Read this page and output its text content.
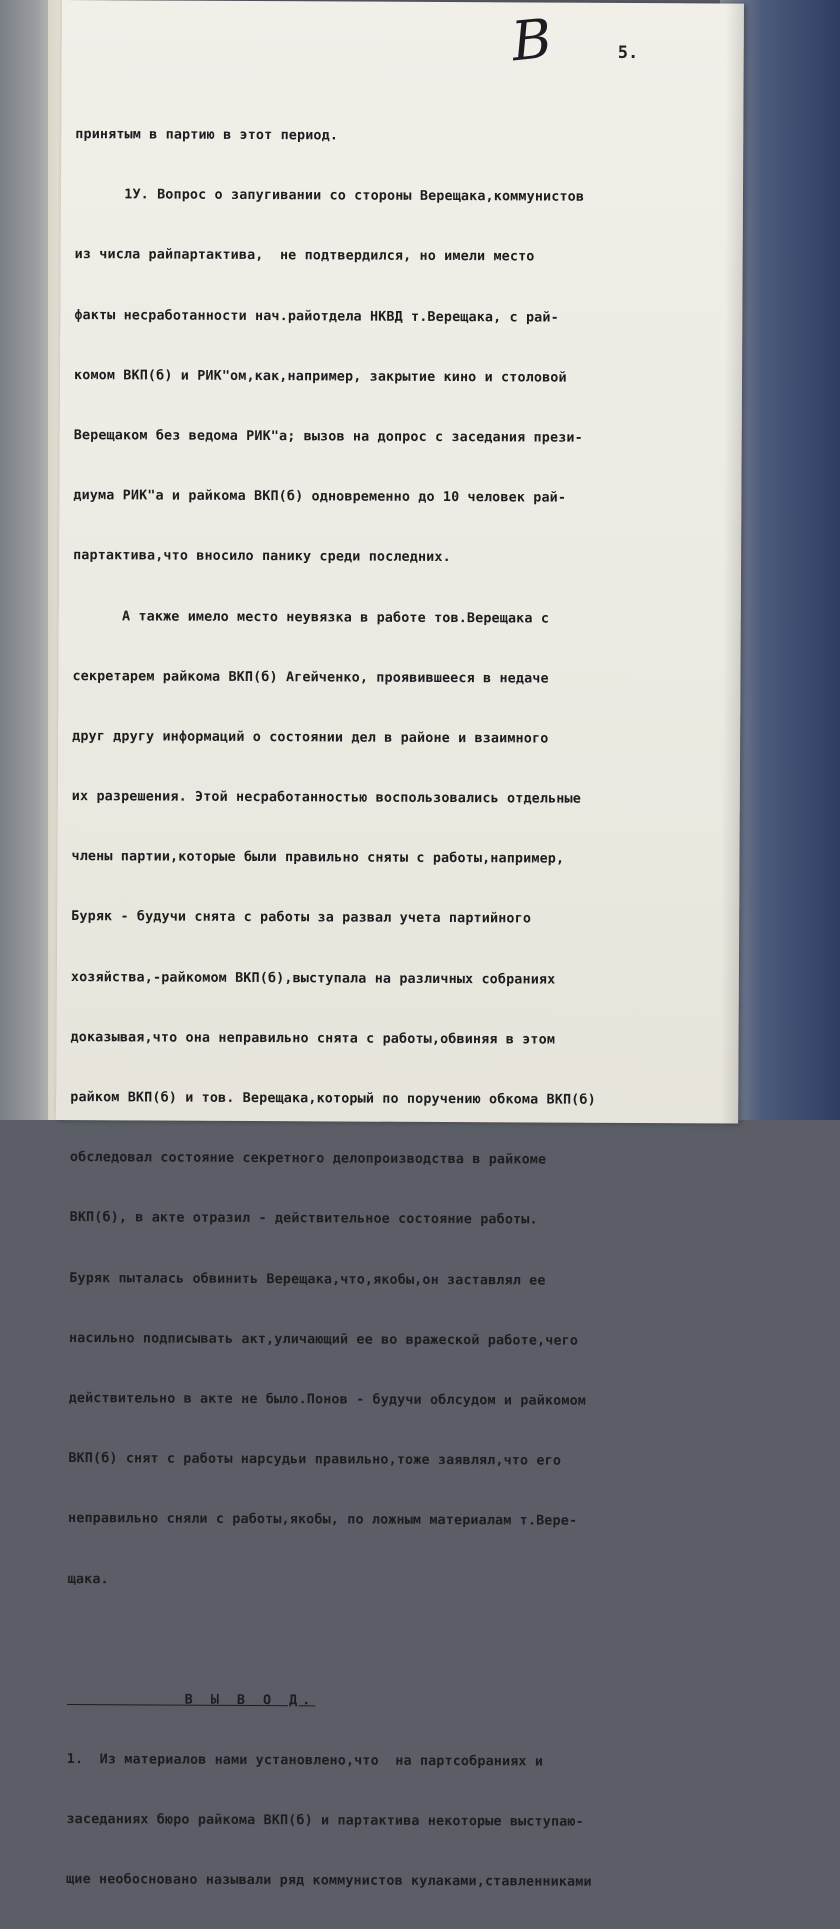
В	5.

принятым в партию в этот период.

1У. Вопрос о запугивании со стороны Верещака,коммунистов

из числа райпартактива,  не подтвердился, но имели место

факты несработанности нач.райотдела НКВД т.Верещака, с рай-

комом ВКП(б) и РИК"ом,как,например, закрытие кино и столовой

Верещаком без ведома РИК"а; вызов на допрос с заседания прези-

диума РИК"а и райкома ВКП(б) одновременно до 10 человек рай-

партактива,что вносило панику среди последних.

А также имело место неувязка в работе тов.Верещака с

секретарем райкома ВКП(б) Агейченко, проявившееся в недаче

друг другу информаций о состоянии дел в районе и взаимного

их разрешения. Этой несработанностью воспользовались отдельные

члены партии,которые были правильно сняты с работы,например,

Буряк - будучи снята с работы за развал учета партийного

хозяйства,-райкомом ВКП(б),выступала на различных собраниях

доказывая,что она неправильно снята с работы,обвиняя в этом

райком ВКП(б) и тов. Верещака,который по поручению обкома ВКП(б)

обследовал состояние секретного делопроизводства в райкоме

ВКП(б), в акте отразил - действительное состояние работы.

Буряк пыталась обвинить Верещака,что,якобы,он заставлял ее

насильно подписывать акт,уличающий ее во вражеской работе,чего

действительно в акте не было.Понов - будучи облсудом и райкомом

ВКП(б) снят с работы нарсудьи правильно,тоже заявлял,что его

неправильно сняли с работы,якобы, по ложным материалам т.Вере-

щака.

В Ы В О Д.

1.  Из материалов нами установлено,что  на партсобраниях и

заседаниях бюро райкома ВКП(б) и партактива некоторые выступаю-

щие необосновано называли ряд коммунистов кулаками,ставленниками
